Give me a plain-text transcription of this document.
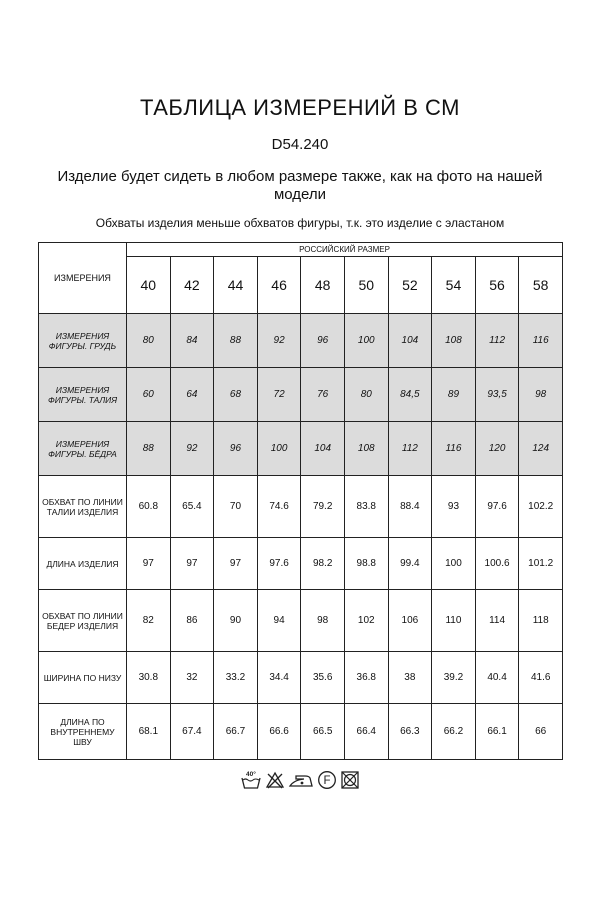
ТАБЛИЦА ИЗМЕРЕНИЙ В СМ
D54.240
Изделие будет сидеть в любом размере также, как на фото на нашей модели
Обхваты изделия меньше обхватов фигуры, т.к. это изделие с эластаном
ИЗМЕРЕНИЯ	РОССИЙСКИЙ РАЗМЕР									
	40	42	44	46	48	50	52	54	56	58
ИЗМЕРЕНИЯ ФИГУРЫ. ГРУДЬ	80	84	88	92	96	100	104	108	112	116
ИЗМЕРЕНИЯ ФИГУРЫ. ТАЛИЯ	60	64	68	72	76	80	84,5	89	93,5	98
ИЗМЕРЕНИЯ ФИГУРЫ. БЁДРА	88	92	96	100	104	108	112	116	120	124
ОБХВАТ ПО ЛИНИИ ТАЛИИ ИЗДЕЛИЯ	60.8	65.4	70	74.6	79.2	83.8	88.4	93	97.6	102.2
ДЛИНА ИЗДЕЛИЯ	97	97	97	97.6	98.2	98.8	99.4	100	100.6	101.2
ОБХВАТ ПО ЛИНИИ БЕДЕР ИЗДЕЛИЯ	82	86	90	94	98	102	106	110	114	118
ШИРИНА ПО НИЗУ	30.8	32	33.2	34.4	35.6	36.8	38	39.2	40.4	41.6
ДЛИНА ПО ВНУТРЕННЕМУ ШВУ	68.1	67.4	66.7	66.6	66.5	66.4	66.3	66.2	66.1	66
40°
F
